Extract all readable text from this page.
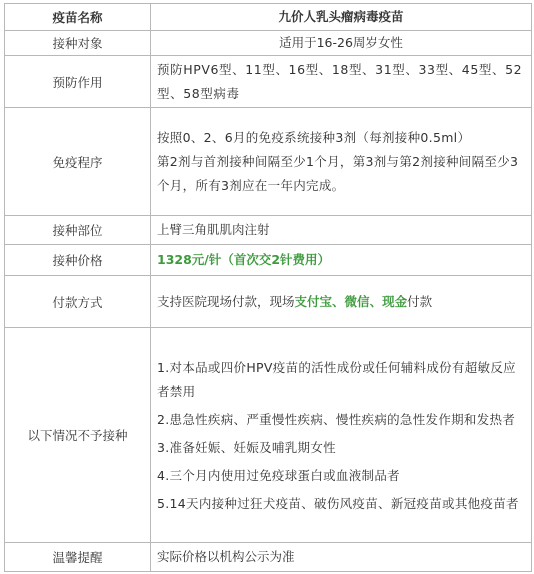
疫苗名称	九价人乳头瘤病毒疫苗
接种对象	适用于16-26周岁女性
预防作用	预防HPV6型、11型、16型、18型、31型、33型、45型、52型、58型病毒
免疫程序	按照0、2、6月的免疫系统接种3剂（每剂接种0.5ml）

第2剂与首剂接种间隔至少1个月，第3剂与第2剂接种间隔至少3个月，所有3剂应在一年内完成。

接种部位	上臂三角肌肌肉注射
接种价格	1328元/针（首次交2针费用）
付款方式	支持医院现场付款，现场支付宝、微信、现金付款
以下情况不予接种	1.对本品或四价HPV疫苗的活性成份或任何辅料成份有超敏反应者禁用

2.患急性疾病、严重慢性疾病、慢性疾病的急性发作期和发热者

3.准备妊娠、妊娠及哺乳期女性

4.三个月内使用过免疫球蛋白或血液制品者

5.14天内接种过狂犬疫苗、破伤风疫苗、新冠疫苗或其他疫苗者

温馨提醒	实际价格以机构公示为准
